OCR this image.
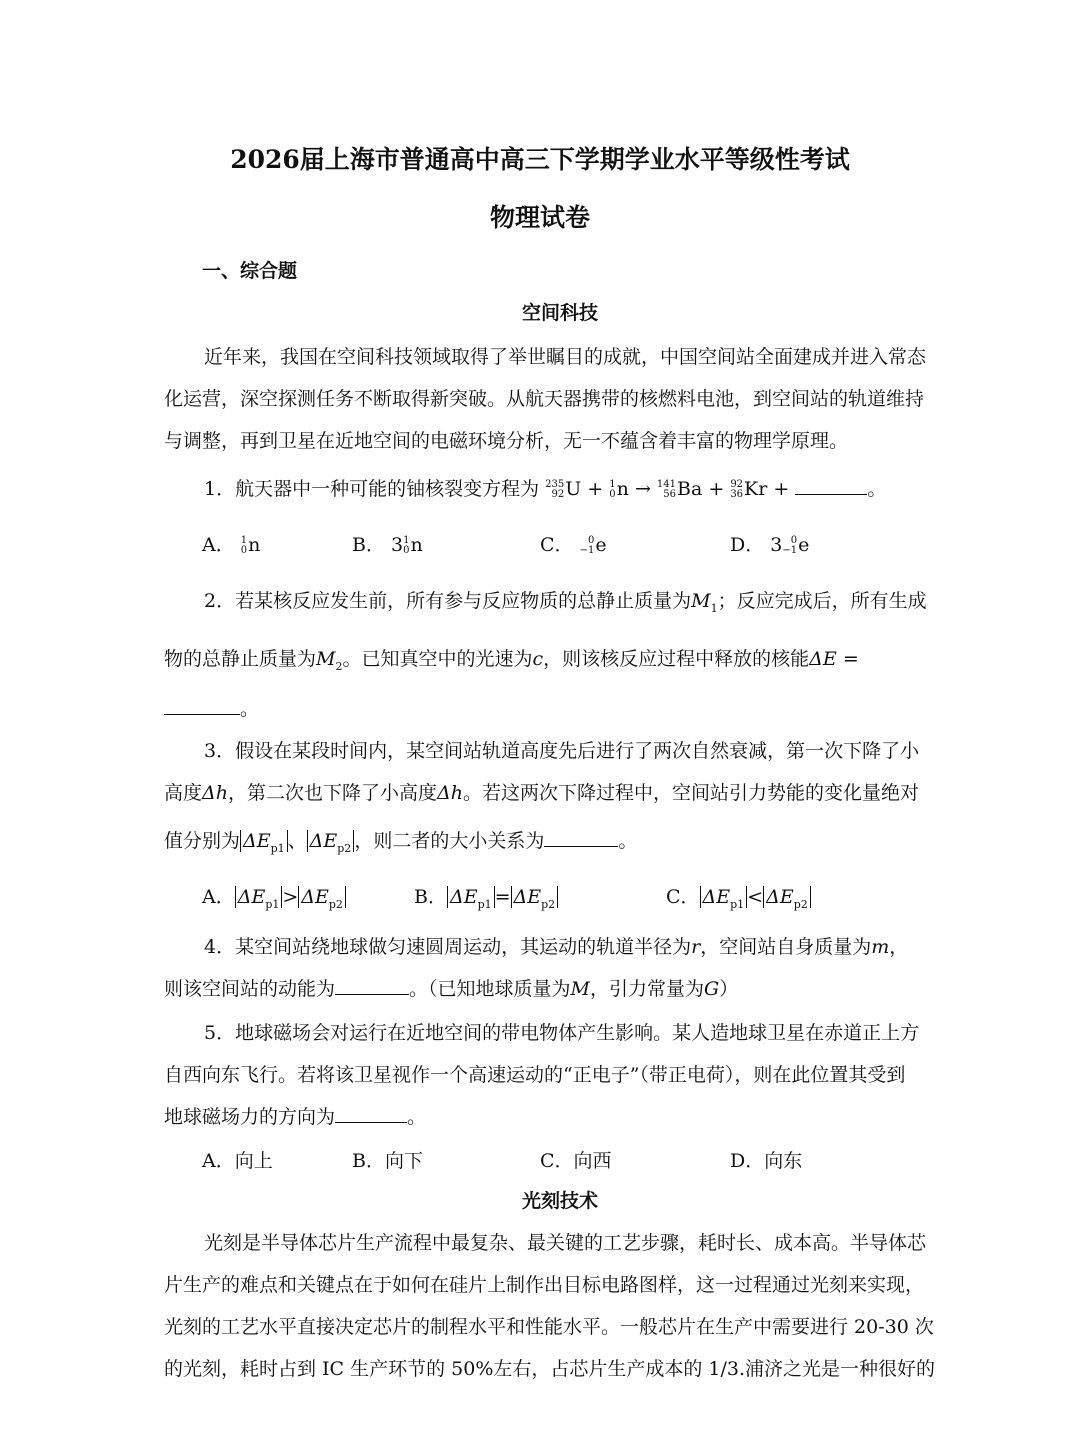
2026届上海市普通高中高三下学期学业水平等级性考试
物理试卷
一、综合题
空间科技
近年来，我国在空间科技领域取得了举世瞩目的成就，中国空间站全面建成并进入常态
化运营，深空探测任务不断取得新突破。从航天器携带的核燃料电池，到空间站的轨道维持
与调整，再到卫星在近地空间的电磁环境分析，无一不蕴含着丰富的物理学原理。
1．航天器中一种可能的铀核裂变方程为 235
92 U + 1
0 n → 141
56 Ba + 92
36 Kr +	。
A． 1
0 n	B． 3 1
0 n	C．	0
−1 e	D． 3 0
−1 e
2．若某核反应发生前，所有参与反应物质的总静止质量为$M_1$；反应完成后，所有生成
物的总静止质量为$M_2$。已知真空中的光速为c，则该核反应过程中释放的核能ΔE =
。
3．假设在某段时间内，某空间站轨道高度先后进行了两次自然衰减，第一次下降了小
高度Δh，第二次也下降了小高度Δh。若这两次下降过程中，空间站引力势能的变化量绝对
值分别为 $\Delta E_{p1}$ 、 $\Delta E_{p2}$ ，则二者的大小关系为	。
A． $\Delta E_{p1} > \Delta E_{p2}$	B． $\Delta E_{p1} = \Delta E_{p2}$	C． $\Delta E_{p1} < \Delta E_{p2}$
4．某空间站绕地球做匀速圆周运动，其运动的轨道半径为r，空间站自身质量为m，
则该空间站的动能为	。（已知地球质量为M，引力常量为G）
5．地球磁场会对运行在近地空间的带电物体产生影响。某人造地球卫星在赤道正上方
自西向东飞行。若将该卫星视作一个高速运动的“正电子”（带正电荷），则在此位置其受到
地球磁场力的方向为	。
A．向上	B．向下	C．向西	D．向东
光刻技术
光刻是半导体芯片生产流程中最复杂、最关键的工艺步骤，耗时长、成本高。半导体芯
片生产的难点和关键点在于如何在硅片上制作出目标电路图样，这一过程通过光刻来实现，
光刻的工艺水平直接决定芯片的制程水平和性能水平。一般芯片在生产中需要进行 20-30 次
的光刻，耗时占到 IC 生产环节的 50%左右，占芯片生产成本的 1/3.浦济之光是一种很好的
